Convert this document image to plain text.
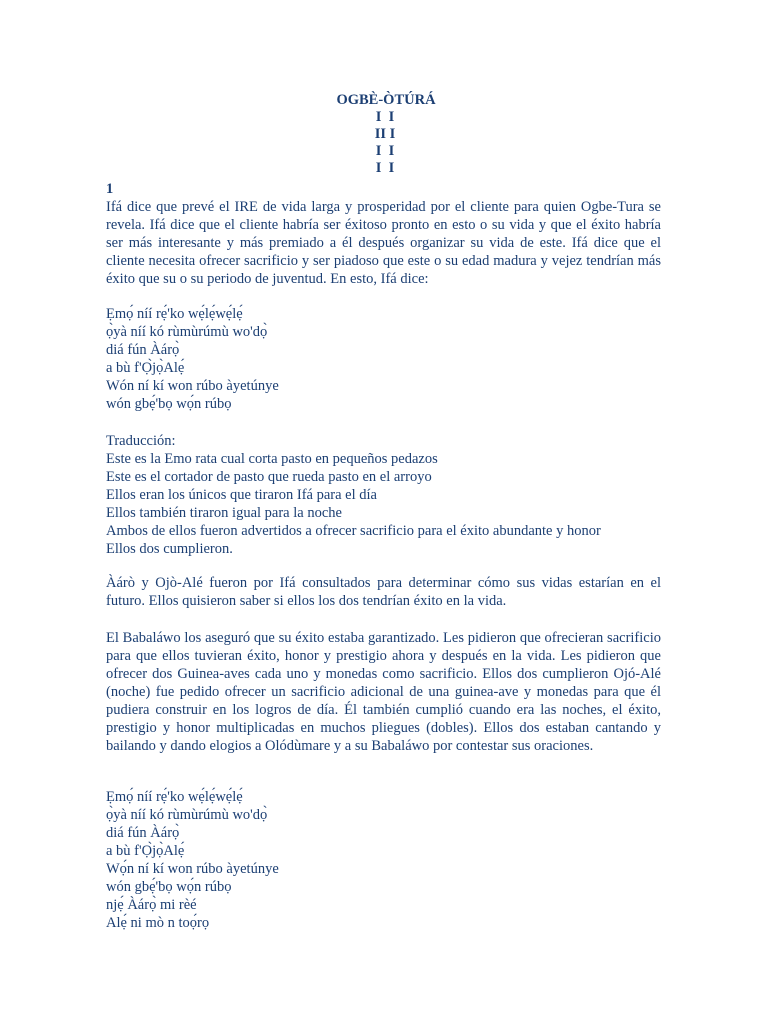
OGBÈ-ÒTÚRÁ
I  I
II I
I  I
I  I
1

Ifá dice que prevé el IRE de vida larga y prosperidad por el cliente para quien Ogbe-Tura se revela. Ifá dice que el cliente habría ser éxitoso pronto en esto o su vida y que el éxito habría ser más interesante y más premiado a él después organizar su vida de este. Ifá dice que el cliente necesita ofrecer sacrificio y ser piadoso que este o su edad madura y vejez tendrían más éxito que su o su periodo de juventud. En esto, Ifá dice:

Ẹmọ́ níí rẹ́'ko wẹ́lẹ́wẹ́lẹ́
ọ̀yà níí kó rùmùrúmù wo'dọ̀
diá fún Àárọ̀
a bù f'Ọ̀jọ̀Alẹ́
Wón ní kí won rúbo àyetúnye
wón gbẹ́'bọ wọ́n rúbọ
Traducción:
Este es la Emo rata cual corta pasto en pequeños pedazos
Este es el cortador de pasto que rueda pasto en el arroyo
Ellos eran los únicos que tiraron Ifá para el día
Ellos también tiraron igual para la noche
Ambos de ellos fueron advertidos a ofrecer sacrificio para el éxito abundante y honor
Ellos dos cumplieron.

Àárò y Ojò-Alé fueron por Ifá consultados para determinar cómo sus vidas estarían en el futuro. Ellos quisieron saber si ellos los dos tendrían éxito en la vida.

El Babaláwo los aseguró que su éxito estaba garantizado. Les pidieron que ofrecieran sacrificio para que ellos tuvieran éxito, honor y prestigio ahora y después en la vida. Les pidieron que ofrecer dos Guinea-aves cada uno y monedas como sacrificio. Ellos dos cumplieron Ojó-Alé (noche) fue pedido ofrecer un sacrificio adicional de una guinea-ave y monedas para que él pudiera construir en los logros de día. Él también cumplió cuando era las noches, el éxito, prestigio y honor multiplicadas en muchos pliegues (dobles). Ellos dos estaban cantando y bailando y dando elogios a Olódùmare y a su Babaláwo por contestar sus oraciones.

Ẹmọ́ níí rẹ́'ko wẹ́lẹ́wẹ́lẹ́
ọ̀yà níí kó rùmùrúmù wo'dọ̀
diá fún Àárọ̀
a bù f'Ọ̀jọ̀Alẹ́
Wọ́n ní kí won rúbo àyetúnye
wón gbẹ́'bọ wọ́n rúbọ
njẹ́ Àárọ̀ mi rèé
Alẹ́ ni mò n toọ́rọ
